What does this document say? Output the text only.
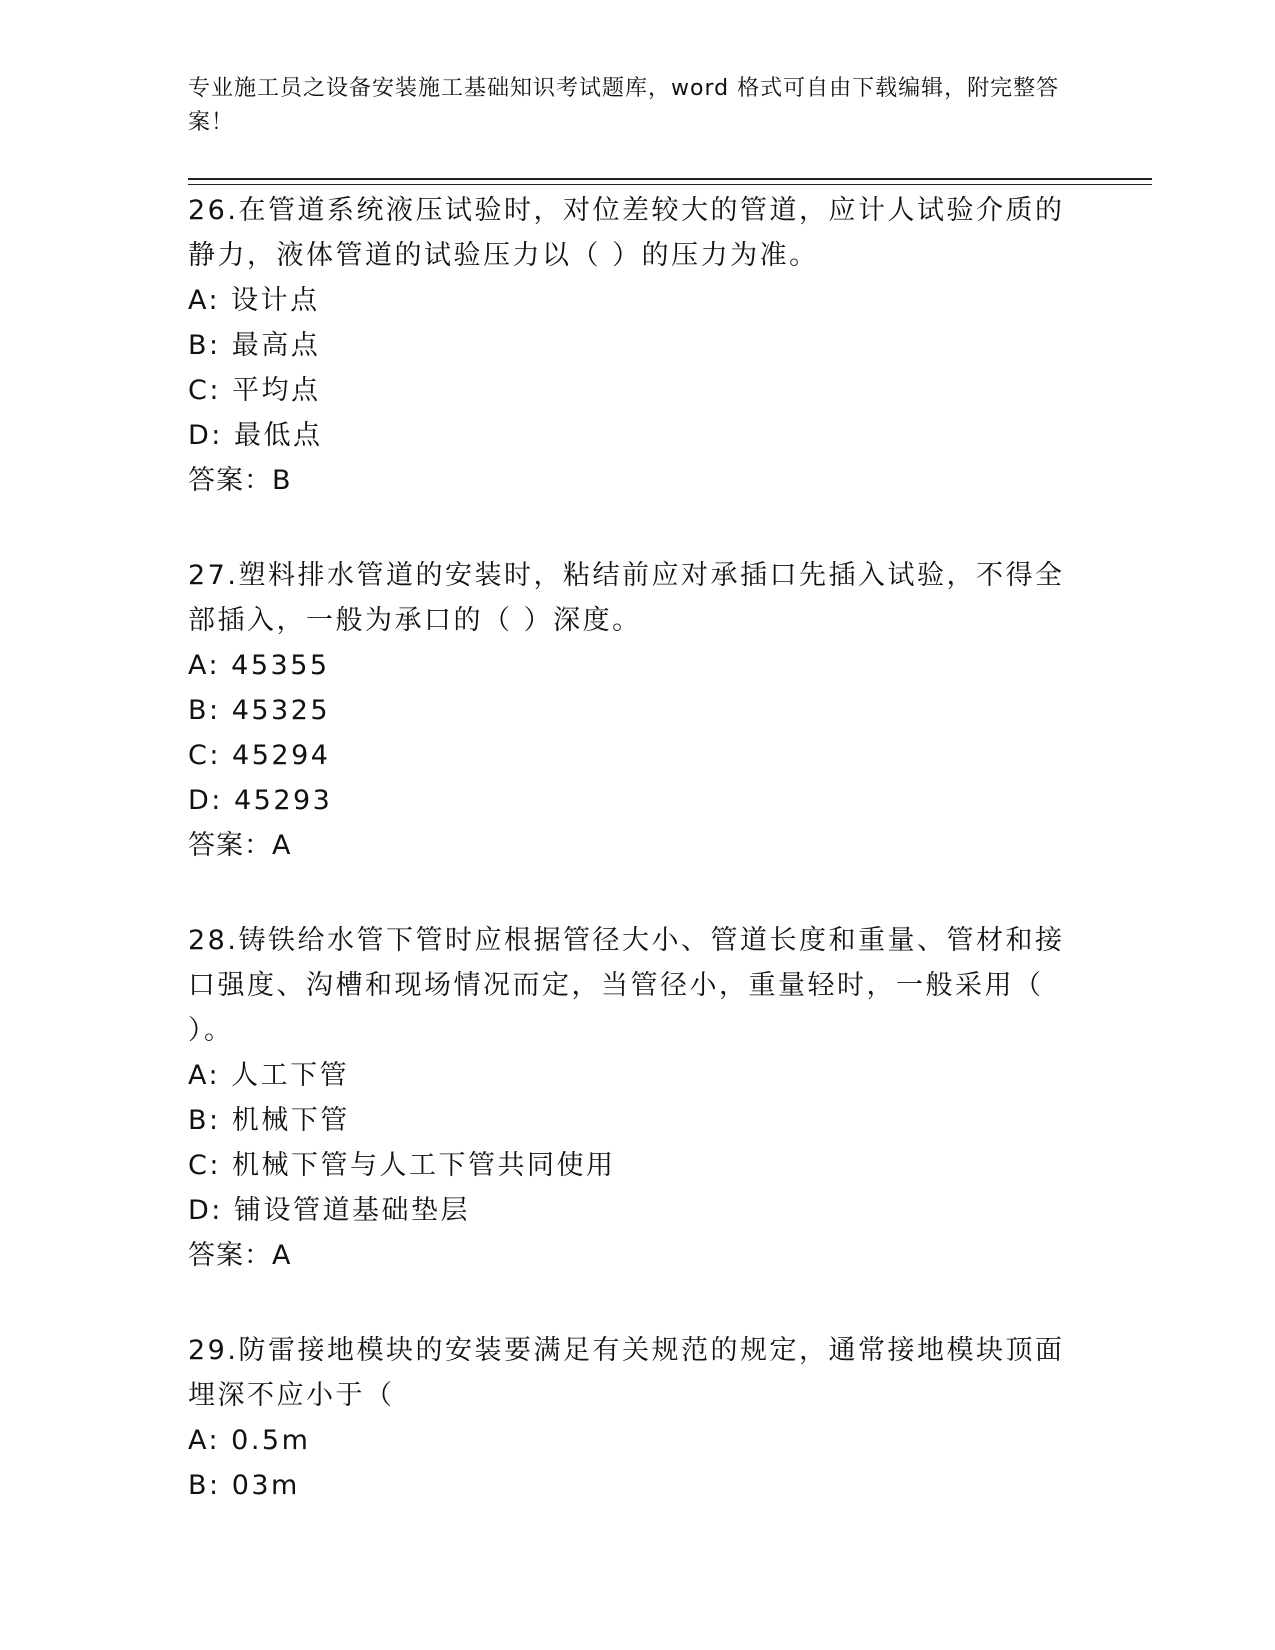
专业施工员之设备安装施工基础知识考试题库，word 格式可自由下载编辑，附完整答案！
26.在管道系统液压试验时，对位差较大的管道，应计人试验介质的静力，液体管道的试验压力以（ ）的压力为准。
A: 设计点
B: 最高点
C: 平均点
D: 最低点
答案：B
27.塑料排水管道的安装时，粘结前应对承插口先插入试验，不得全部插入，一般为承口的（ ）深度。
A: 45355
B: 45325
C: 45294
D: 45293
答案：A
28.铸铁给水管下管时应根据管径大小、管道长度和重量、管材和接口强度、沟槽和现场情况而定，当管径小，重量轻时，一般采用（ ）。
A: 人工下管
B: 机械下管
C: 机械下管与人工下管共同使用
D: 铺设管道基础垫层
答案：A
29.防雷接地模块的安装要满足有关规范的规定，通常接地模块顶面埋深不应小于（
A: 0.5m
B: 03m
